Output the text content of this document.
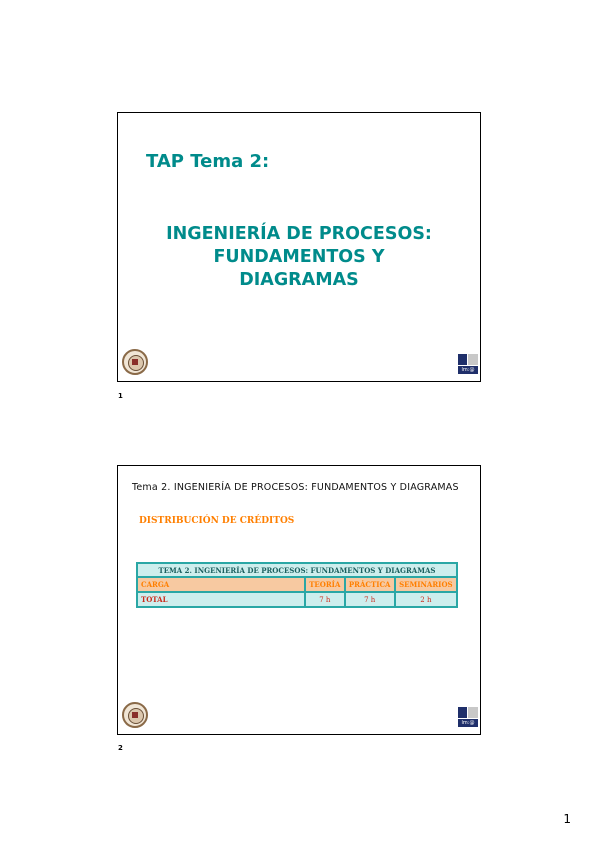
TAP Tema 2:
INGENIERÍA DE PROCESOS:
FUNDAMENTOS Y
DIAGRAMAS
lm:@
1

Tema 2. INGENIERÍA DE PROCESOS: FUNDAMENTOS Y DIAGRAMAS

DISTRIBUCIÓN DE CRÉDITOS

TEMA 2. INGENIERÍA DE PROCESOS: FUNDAMENTOS Y DIAGRAMAS			
CARGA	TEORÍA	PRÁCTICA	SEMINARIOS
TOTAL	7 h	7 h	2 h
lm:@
2
1
